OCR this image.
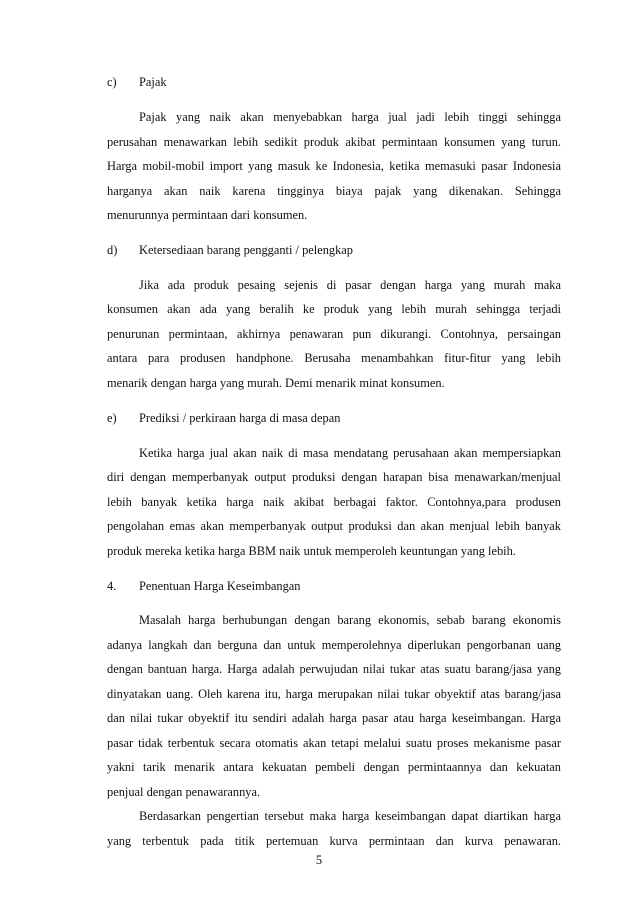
c) Pajak
Pajak yang naik akan menyebabkan harga jual jadi lebih tinggi sehingga
perusahan menawarkan lebih sedikit produk akibat permintaan konsumen yang turun.
Harga mobil-mobil import yang masuk ke Indonesia, ketika memasuki pasar Indonesia
harganya akan naik karena tingginya biaya pajak yang dikenakan. Sehingga
menurunnya permintaan dari konsumen.
d) Ketersediaan barang pengganti / pelengkap
Jika ada produk pesaing sejenis di pasar dengan harga yang murah maka
konsumen akan ada yang beralih ke produk yang lebih murah sehingga terjadi
penurunan permintaan, akhirnya penawaran pun dikurangi. Contohnya, persaingan
antara para produsen handphone. Berusaha menambahkan fitur-fitur yang lebih
menarik dengan harga yang murah. Demi menarik minat konsumen.
e) Prediksi / perkiraan harga di masa depan
Ketika harga jual akan naik di masa mendatang perusahaan akan mempersiapkan
diri dengan memperbanyak output produksi dengan harapan bisa menawarkan/menjual
lebih banyak ketika harga naik akibat berbagai faktor. Contohnya,para produsen
pengolahan emas akan memperbanyak output produksi dan akan menjual lebih banyak
produk mereka ketika harga BBM naik untuk memperoleh keuntungan yang lebih.
4. Penentuan Harga Keseimbangan
Masalah harga berhubungan dengan barang ekonomis, sebab barang ekonomis
adanya langkah dan berguna dan untuk memperolehnya diperlukan pengorbanan uang
dengan bantuan harga. Harga adalah perwujudan nilai tukar atas suatu barang/jasa yang
dinyatakan uang. Oleh karena itu, harga merupakan nilai tukar obyektif atas barang/jasa
dan nilai tukar obyektif itu sendiri adalah harga pasar atau harga keseimbangan. Harga
pasar tidak terbentuk secara otomatis akan tetapi melalui suatu proses mekanisme pasar
yakni tarik menarik antara kekuatan pembeli dengan permintaannya dan kekuatan
penjual dengan penawarannya.
Berdasarkan pengertian tersebut maka harga keseimbangan dapat diartikan harga
yang terbentuk pada titik pertemuan kurva permintaan dan kurva penawaran.
5
